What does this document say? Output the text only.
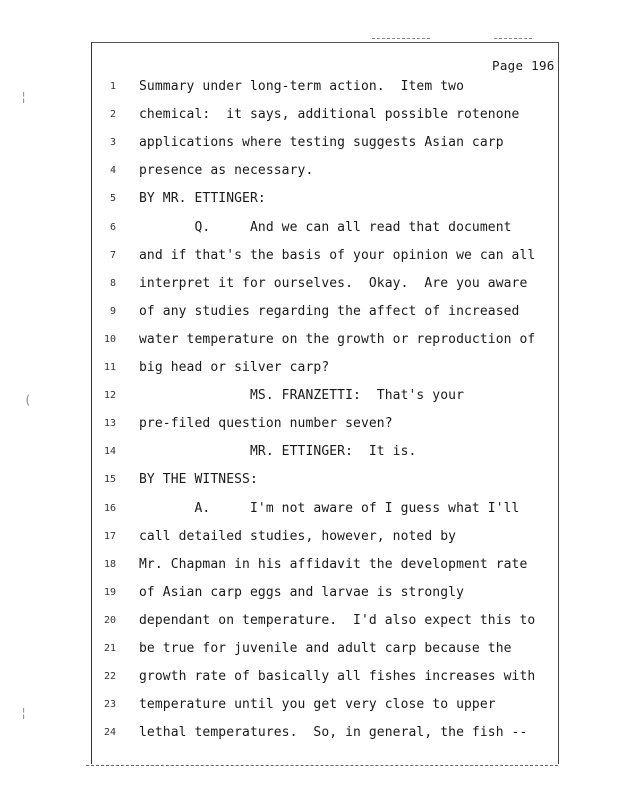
Page 196
1 Summary under long-term action.  Item two
2 chemical:  it says, additional possible rotenone
3 applications where testing suggests Asian carp
4 presence as necessary.
5 BY MR. ETTINGER:
6 Q.     And we can all read that document
7 and if that's the basis of your opinion we can all
8 interpret it for ourselves.  Okay.  Are you aware
9 of any studies regarding the affect of increased
10 water temperature on the growth or reproduction of
11 big head or silver carp?
12 MS. FRANZETTI:  That's your
13 pre-filed question number seven?
14 MR. ETTINGER:  It is.
15 BY THE WITNESS:
16 A.     I'm not aware of I guess what I'll
17 call detailed studies, however, noted by
18 Mr. Chapman in his affidavit the development rate
19 of Asian carp eggs and larvae is strongly
20 dependant on temperature.  I'd also expect this to
21 be true for juvenile and adult carp because the
22 growth rate of basically all fishes increases with
23 temperature until you get very close to upper
24 lethal temperatures.  So, in general, the fish --
¦
(
¦
